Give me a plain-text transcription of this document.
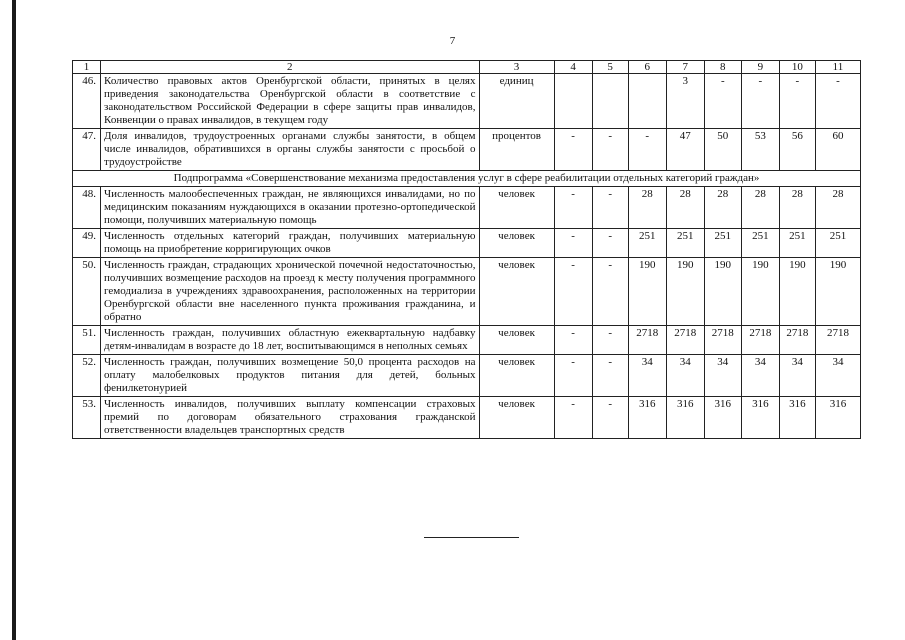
7
1	2	3	4	5	6	7	8	9	10	11
46.	Количество правовых актов Оренбургской области, принятых в целях приведения законодательства Оренбургской области в соответствие с законодательством Российской Федерации в сфере защиты прав инвалидов, Конвенции о правах инвалидов, в текущем году	единиц				3	-	-	-	-
47.	Доля инвалидов, трудоустроенных органами службы занятости, в общем числе инвалидов, обратившихся в органы службы занятости с просьбой о трудоустройстве	процентов	-	-	-	47	50	53	56	60
Подпрограмма «Совершенствование механизма предоставления услуг в сфере реабилитации отдельных категорий граждан»										
48.	Численность малообеспеченных граждан, не являющихся инвалидами, но по медицинским показаниям нуждающихся в оказании протезно-ортопедической помощи, получивших материальную помощь	человек	-	-	28	28	28	28	28	28
49.	Численность отдельных категорий граждан, получивших материальную помощь на приобретение корригирующих очков	человек	-	-	251	251	251	251	251	251
50.	Численность граждан, страдающих хронической почечной недостаточностью, получивших возмещение расходов на проезд к месту получения программного гемодиализа в учреждениях здравоохранения, расположенных на территории Оренбургской области вне населенного пункта проживания гражданина, и обратно	человек	-	-	190	190	190	190	190	190
51.	Численность граждан, получивших областную ежеквартальную надбавку детям-инвалидам в возрасте до 18 лет, воспитывающимся в неполных семьях	человек	-	-	2718	2718	2718	2718	2718	2718
52.	Численность граждан, получивших возмещение 50,0 процента расходов на оплату малобелковых продуктов питания для детей, больных фенилкетонурией	человек	-	-	34	34	34	34	34	34
53.	Численность инвалидов, получивших выплату компенсации страховых премий по договорам обязательного страхования гражданской ответственности владельцев транспортных средств	человек	-	-	316	316	316	316	316	316
